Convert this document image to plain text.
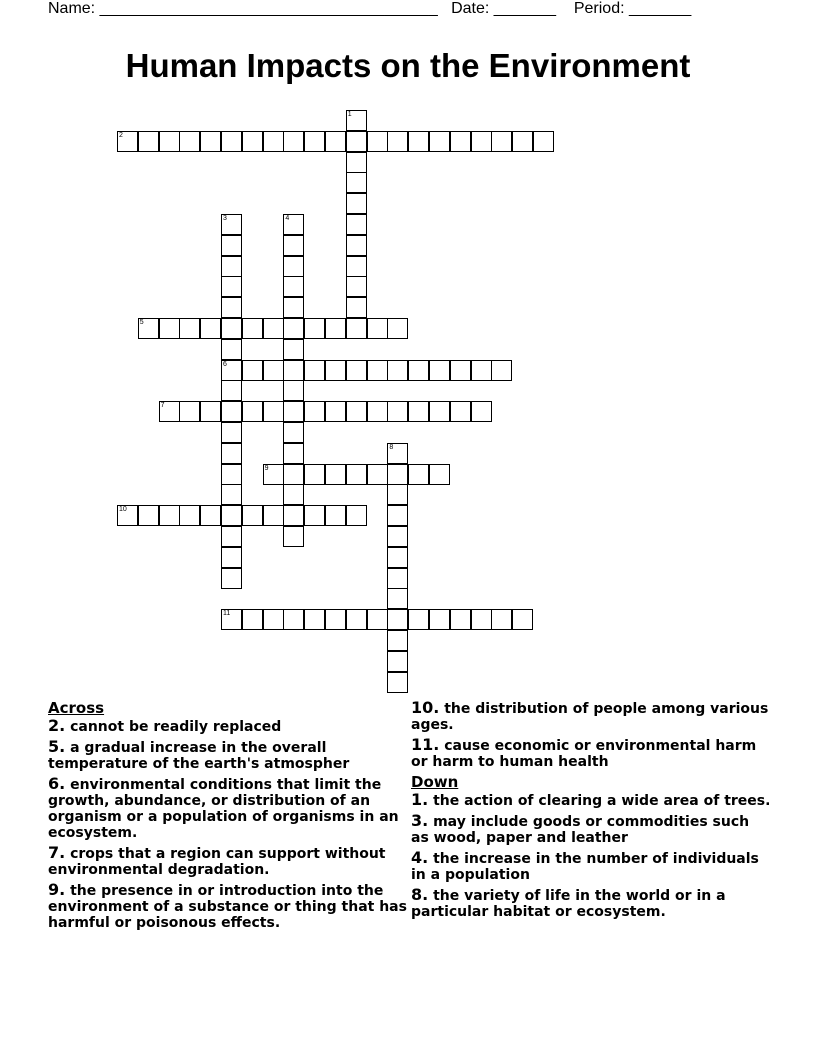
Name: ______________________________________ Date: _______ Period: _______
Human Impacts on the Environment
1
2
3
6
4
5
7
8
9
10
11
Across
2. cannot be readily replaced
5. a gradual increase in the overall temperature of the earth's atmospher
6. environmental conditions that limit the growth, abundance, or distribution of an organism or a population of organisms in an ecosystem.
7. crops that a region can support without environmental degradation.
9. the presence in or introduction into the environment of a substance or thing that has harmful or poisonous effects.
10. the distribution of people among various ages.
11. cause economic or environmental harm or harm to human health
Down
1. the action of clearing a wide area of trees.
3. may include goods or commodities such as wood, paper and leather
4. the increase in the number of individuals in a population
8. the variety of life in the world or in a particular habitat or ecosystem.
